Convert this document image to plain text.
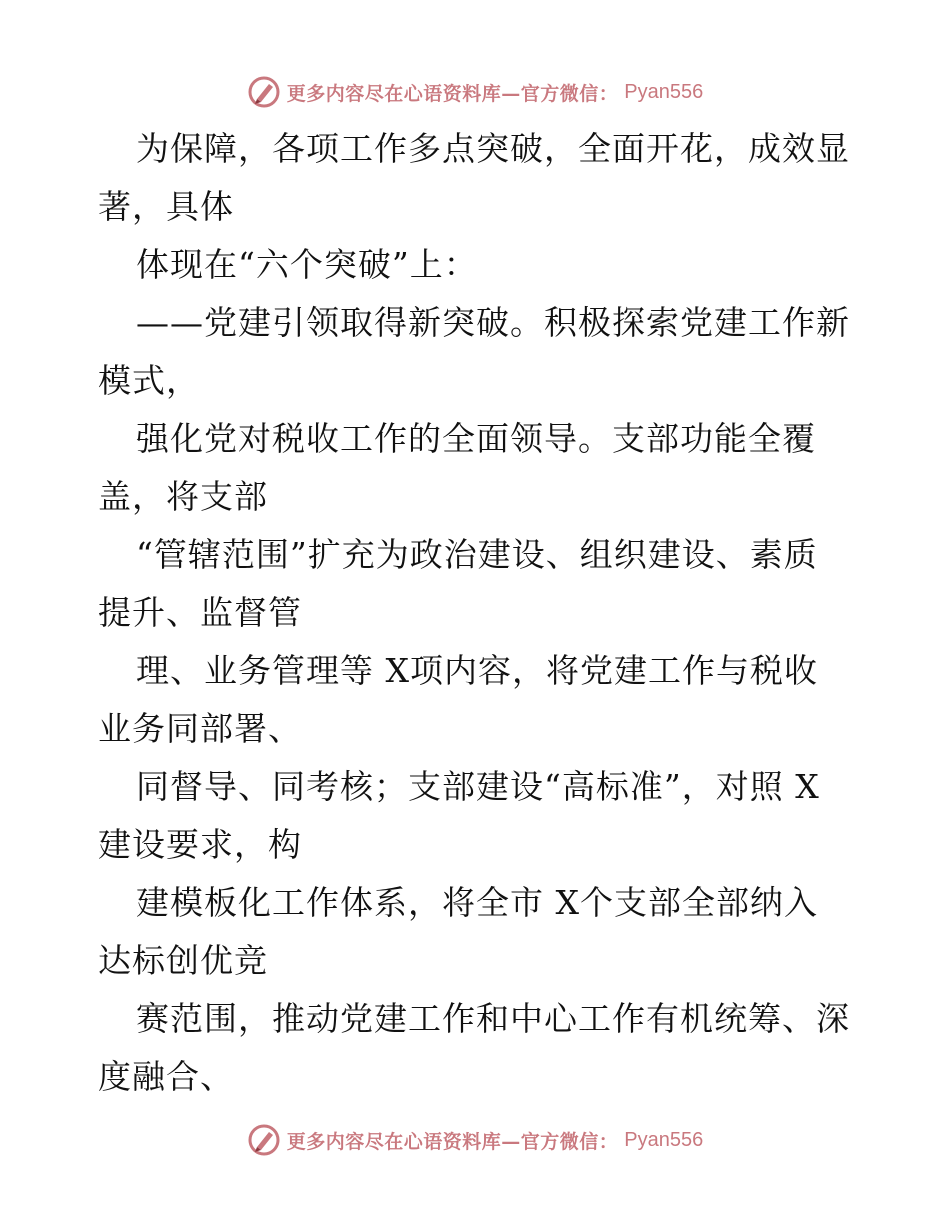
更多内容尽在心语资料库—官方微信： Pyan556
为保障，各项工作多点突破，全面开花，成效显
著，具体
体现在“六个突破”上：
——党建引领取得新突破。积极探索党建工作新
模式，
强化党对税收工作的全面领导。支部功能全覆
盖，将支部
“管辖范围”扩充为政治建设、组织建设、素质
提升、监督管
理、业务管理等 X项内容，将党建工作与税收
业务同部署、
同督导、同考核；支部建设“高标准”，对照 X
建设要求，构
建模板化工作体系，将全市 X个支部全部纳入
达标创优竞
赛范围，推动党建工作和中心工作有机统筹、深
度融合、
更多内容尽在心语资料库—官方微信： Pyan556
